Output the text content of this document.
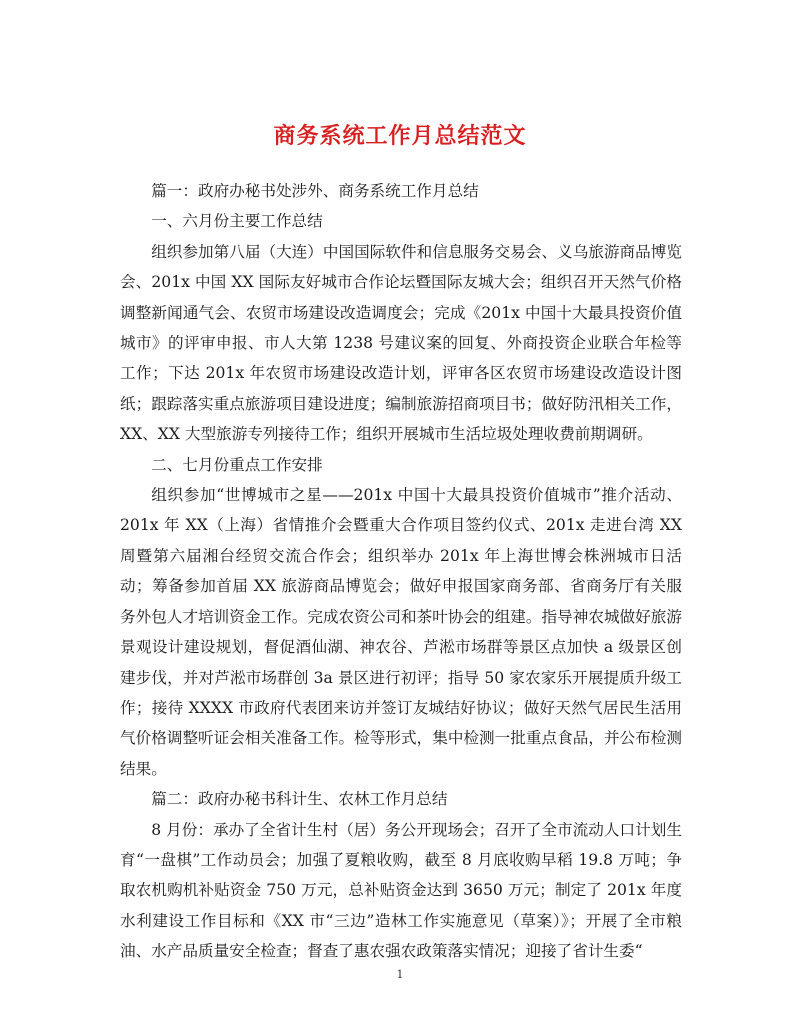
商务系统工作月总结范文

篇一：政府办秘书处涉外、商务系统工作月总结

一、六月份主要工作总结

组织参加第八届（大连）中国国际软件和信息服务交易会、义乌旅游商品博览会、201x 中国 XX 国际友好城市合作论坛暨国际友城大会；组织召开天然气价格调整新闻通气会、农贸市场建设改造调度会；完成《201x 中国十大最具投资价值城市》的评审申报、市人大第 1238 号建议案的回复、外商投资企业联合年检等工作；下达 201x 年农贸市场建设改造计划，评审各区农贸市场建设改造设计图纸；跟踪落实重点旅游项目建设进度；编制旅游招商项目书；做好防汛相关工作，XX、XX 大型旅游专列接待工作；组织开展城市生活垃圾处理收费前期调研。

二、七月份重点工作安排

组织参加“世博城市之星——201x 中国十大最具投资价值城市”推介活动、201x 年 XX（上海）省情推介会暨重大合作项目签约仪式、201x 走进台湾 XX 周暨第六届湘台经贸交流合作会；组织举办 201x 年上海世博会株洲城市日活动；筹备参加首届 XX 旅游商品博览会；做好申报国家商务部、省商务厅有关服务外包人才培训资金工作。完成农资公司和茶叶协会的组建。指导神农城做好旅游景观设计建设规划，督促酒仙湖、神农谷、芦淞市场群等景区点加快 a 级景区创建步伐，并对芦淞市场群创 3a 景区进行初评；指导 50 家农家乐开展提质升级工作；接待 XXXX 市政府代表团来访并签订友城结好协议；做好天然气居民生活用气价格调整听证会相关准备工作。检等形式，集中检测一批重点食品，并公布检测结果。

篇二：政府办秘书科计生、农林工作月总结

8 月份：承办了全省计生村（居）务公开现场会；召开了全市流动人口计划生育“一盘棋”工作动员会；加强了夏粮收购，截至 8 月底收购早稻 19.8 万吨；争取农机购机补贴资金 750 万元，总补贴资金达到 3650 万元；制定了 201x 年度水利建设工作目标和《XX 市“三边”造林工作实施意见（草案）》；开展了全市粮油、水产品质量安全检查；督查了惠农强农政策落实情况；迎接了省计生委“

1
